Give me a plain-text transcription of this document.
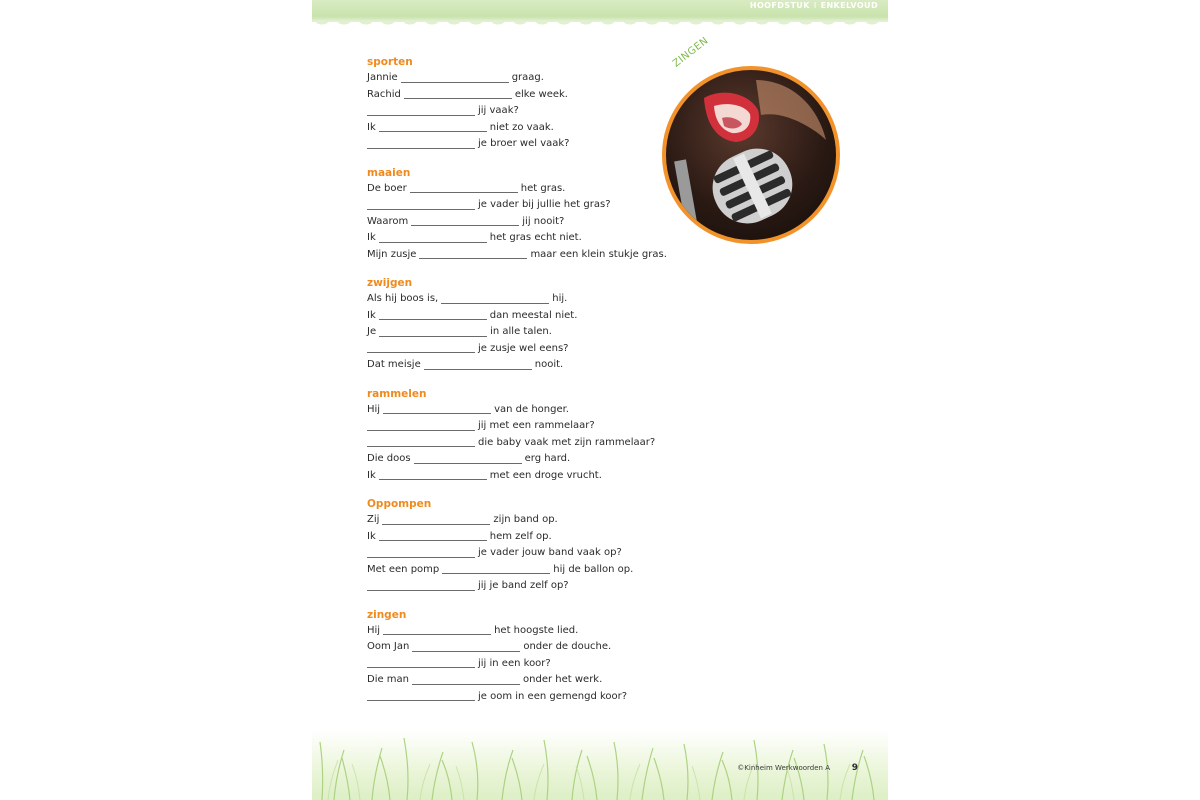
HOOFDSTUK I ENKELVOUD
sporten
Jannie	graag.
Rachid	elke week.
jij vaak?
Ik	niet zo vaak.
je broer wel vaak?
maaien
De boer	het gras.
je vader bij jullie het gras?
Waarom	jij nooit?
Ik	het gras echt niet.
Mijn zusje	maar een klein stukje gras.
zwijgen
Als hij boos is,	hij.
Ik	dan meestal niet.
Je	in alle talen.
je zusje wel eens?
Dat meisje	nooit.
rammelen
Hij	van de honger.
jij met een rammelaar?
die baby vaak met zijn rammelaar?
Die doos	erg hard.
Ik	met een droge vrucht.
Oppompen
Zij	zijn band op.
Ik	hem zelf op.
je vader jouw band vaak op?
Met een pomp	hij de ballon op.
jij je band zelf op?
zingen
Hij	het hoogste lied.
Oom Jan	onder de douche.
jij in een koor?
Die man	onder het werk.
je oom in een gemengd koor?
ZINGEN
©Kinheim Werkwoorden A 9
